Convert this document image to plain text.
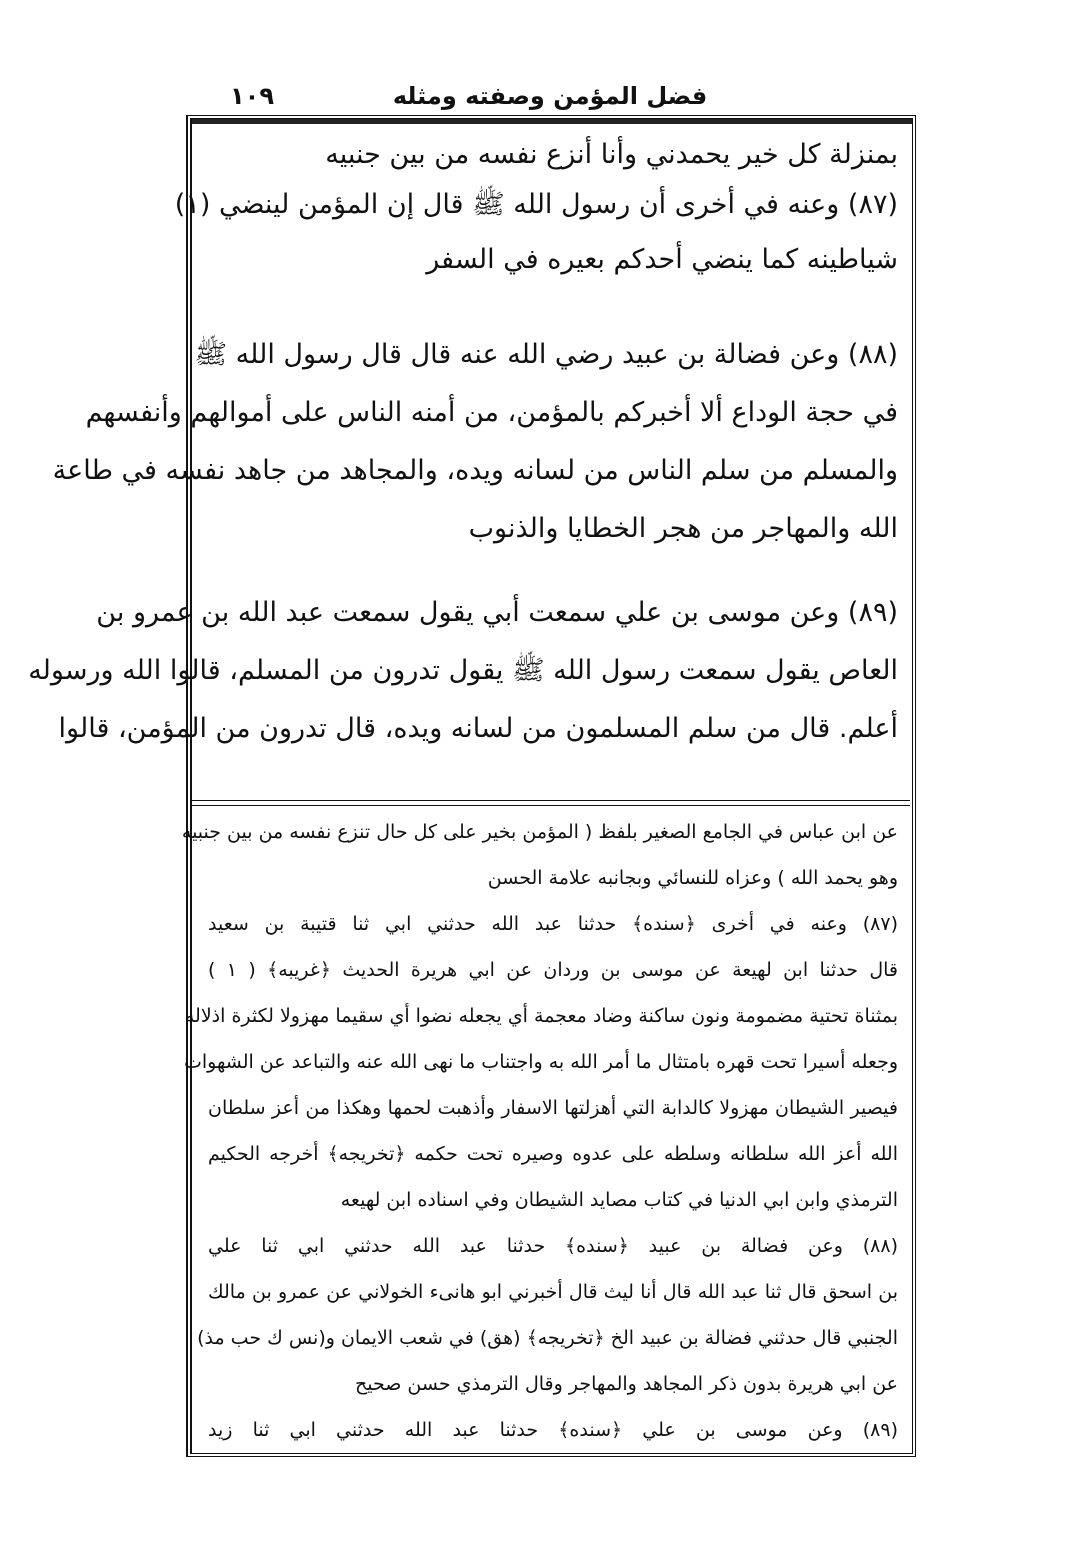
فضل المؤمن وصفته ومثله
١٠٩
بمنزلة كل خير يحمدني وأنا أنزع نفسه من بين جنبيه
(٨٧) وعنه في أخرى أن رسول الله ﷺ قال إن المؤمن لينضي (١)
شياطينه كما ينضي أحدكم بعيره في السفر
(٨٨) وعن فضالة بن عبيد رضي الله عنه قال قال رسول الله ﷺ
في حجة الوداع ألا أخبركم بالمؤمن، من أمنه الناس على أموالهم وأنفسهم
والمسلم من سلم الناس من لسانه ويده، والمجاهد من جاهد نفسه في طاعة
الله والمهاجر من هجر الخطايا والذنوب
(٨٩) وعن موسى بن علي سمعت أبي يقول سمعت عبد الله بن عمرو بن
العاص يقول سمعت رسول الله ﷺ يقول تدرون من المسلم، قالوا الله ورسوله
أعلم. قال من سلم المسلمون من لسانه ويده، قال تدرون من المؤمن، قالوا
عن ابن عباس في الجامع الصغير بلفظ ( المؤمن بخير على كل حال تنزع نفسه من بين جنبيه
وهو يحمد الله ) وعزاه للنسائي وبجانبه علامة الحسن
(٨٧) وعنه في أخرى ﴿سنده﴾ حدثنا عبد الله حدثني ابي ثنا قتيبة بن سعيد
قال حدثنا ابن لهيعة عن موسى بن وردان عن ابي هريرة الحديث ﴿غريبه﴾ ( ١ )
بمثناة تحتية مضمومة ونون ساكنة وضاد معجمة أي يجعله نضوا أي سقيما مهزولا لكثرة اذلاله
وجعله أسيرا تحت قهره بامتثال ما أمر الله به واجتناب ما نهى الله عنه والتباعد عن الشهوات
فيصير الشيطان مهزولا كالدابة التي أهزلتها الاسفار وأذهبت لحمها وهكذا من أعز سلطان
الله أعز الله سلطانه وسلطه على عدوه وصيره تحت حكمه ﴿تخريجه﴾ أخرجه الحكيم
الترمذي وابن ابي الدنيا في كتاب مصايد الشيطان وفي اسناده ابن لهيعه
(٨٨) وعن فضالة بن عبيد ﴿سنده﴾ حدثنا عبد الله حدثني ابي ثنا علي
بن اسحق قال ثنا عبد الله قال أنا ليث قال أخبرني ابو هانىء الخولاني عن عمرو بن مالك
الجنبي قال حدثني فضالة بن عبيد الخ ﴿تخريجه﴾ (هق) في شعب الايمان و(نس ك حب مذ)
عن ابي هريرة بدون ذكر المجاهد والمهاجر وقال الترمذي حسن صحيح
(٨٩) وعن موسى بن علي ﴿سنده﴾ حدثنا عبد الله حدثني ابي ثنا زيد
